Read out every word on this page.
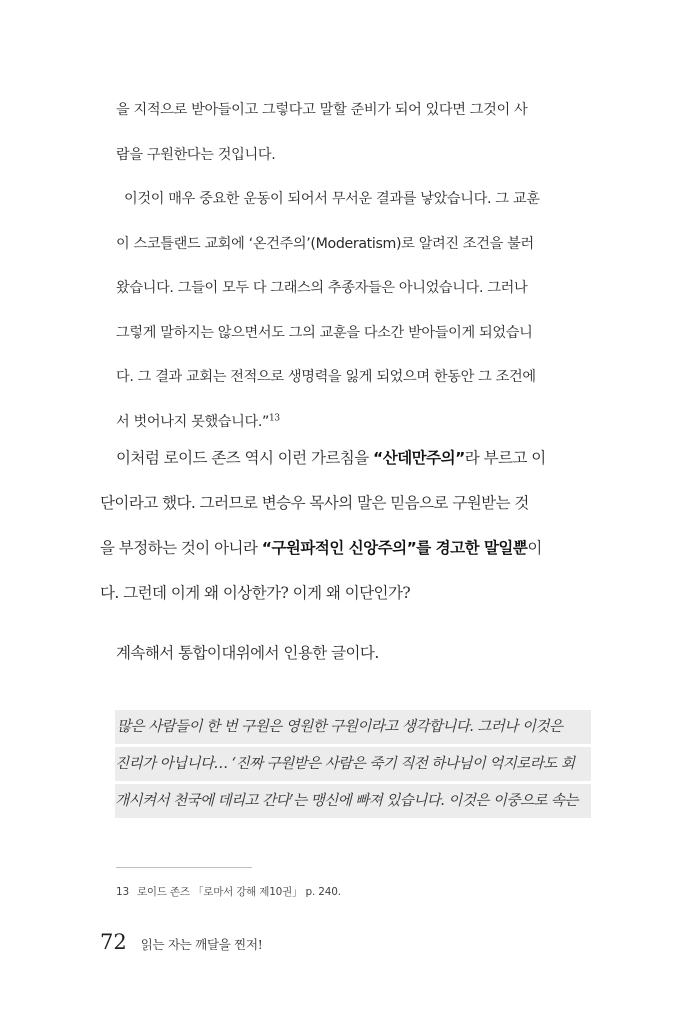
을 지적으로 받아들이고 그렇다고 말할 준비가 되어 있다면 그것이 사
람을 구원한다는 것입니다.
이것이 매우 중요한 운동이 되어서 무서운 결과를 낳았습니다. 그 교훈
이 스코틀랜드 교회에 ‘온건주의’(Moderatism)로 알려진 조건을 불러
왔습니다. 그들이 모두 다 그래스의 추종자들은 아니었습니다. 그러나
그렇게 말하지는 않으면서도 그의 교훈을 다소간 받아들이게 되었습니
다. 그 결과 교회는 전적으로 생명력을 잃게 되었으며 한동안 그 조건에
서 벗어나지 못했습니다.”$^{13}$
이처럼 로이드 존즈 역시 이런 가르침을 “산데만주의”라 부르고 이
단이라고 했다. 그러므로 변승우 목사의 말은 믿음으로 구원받는 것
을 부정하는 것이 아니라 “구원파적인 신앙주의”를 경고한 말일뿐이
다. 그런데 이게 왜 이상한가? 이게 왜 이단인가?
계속해서 통합이대위에서 인용한 글이다.
많은 사람들이 한 번 구원은 영원한 구원이라고 생각합니다. 그러나 이것은
진리가 아닙니다… ‘진짜 구원받은 사람은 죽기 직전 하나님이 억지로라도 회
개시켜서 천국에 데리고 간다’는 맹신에 빠져 있습니다. 이것은 이중으로 속는
13 로이드 존즈 「로마서 강해 제10권」 p. 240.
72 읽는 자는 깨달을 찐저!
